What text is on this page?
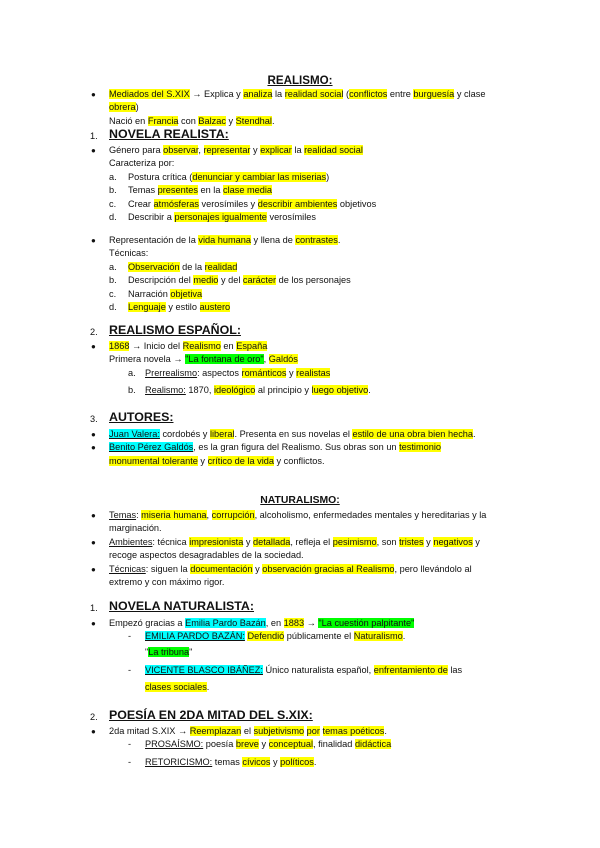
REALISMO:
● Mediados del S.XIX → Explica y analiza la realidad social (conflictos entre burguesía y clase
obrera)
Nació en Francia con Balzac y Stendhal.
1. NOVELA REALISTA:
● Género para observar, representar y explicar la realidad social
Caracteriza por:
a. Postura crítica (denunciar y cambiar las miserias)
b. Temas presentes en la clase media
c. Crear atmósferas verosímiles y describir ambientes objetivos
d. Describir a personajes igualmente verosímiles
● Representación de la vida humana y llena de contrastes.
Técnicas:
a. Observación de la realidad
b. Descripción del medio y del carácter de los personajes
c. Narración objetiva
d. Lenguaje y estilo austero
2. REALISMO ESPAÑOL:
● 1868 → Inicio del Realismo en España
Primera novela → "La fontana de oro", Galdós
a. Prerrealismo: aspectos románticos y realistas
b. Realismo: 1870, ideológico al principio y luego objetivo.
3. AUTORES:
● Juan Valera: cordobés y liberal. Presenta en sus novelas el estilo de una obra bien hecha.
● Benito Pérez Galdós, es la gran figura del Realismo. Sus obras son un testimonio
monumental tolerante y crítico de la vida y conflictos.
NATURALISMO:
● Temas: miseria humana, corrupción, alcoholismo, enfermedades mentales y hereditarias y la
marginación.
● Ambientes: técnica impresionista y detallada, refleja el pesimismo, son tristes y negativos y
recoge aspectos desagradables de la sociedad.
● Técnicas: siguen la documentación y observación gracias al Realismo, pero llevándolo al
extremo y con máximo rigor.
1. NOVELA NATURALISTA:
● Empezó gracias a Emilia Pardo Bazán, en 1883 → "La cuestión palpitante"
- EMILIA PARDO BAZÁN: Defendió públicamente el Naturalismo.
"La tribuna"
- VICENTE BLASCO IBÁÑEZ: Único naturalista español, enfrentamiento de las
clases sociales.
2. POESÍA EN 2DA MITAD DEL S.XIX:
● 2da mitad S.XIX → Reemplazan el subjetivismo por temas poéticos.
- PROSAÍSMO: poesía breve y conceptual, finalidad didáctica
- RETORICISMO: temas cívicos y políticos.
